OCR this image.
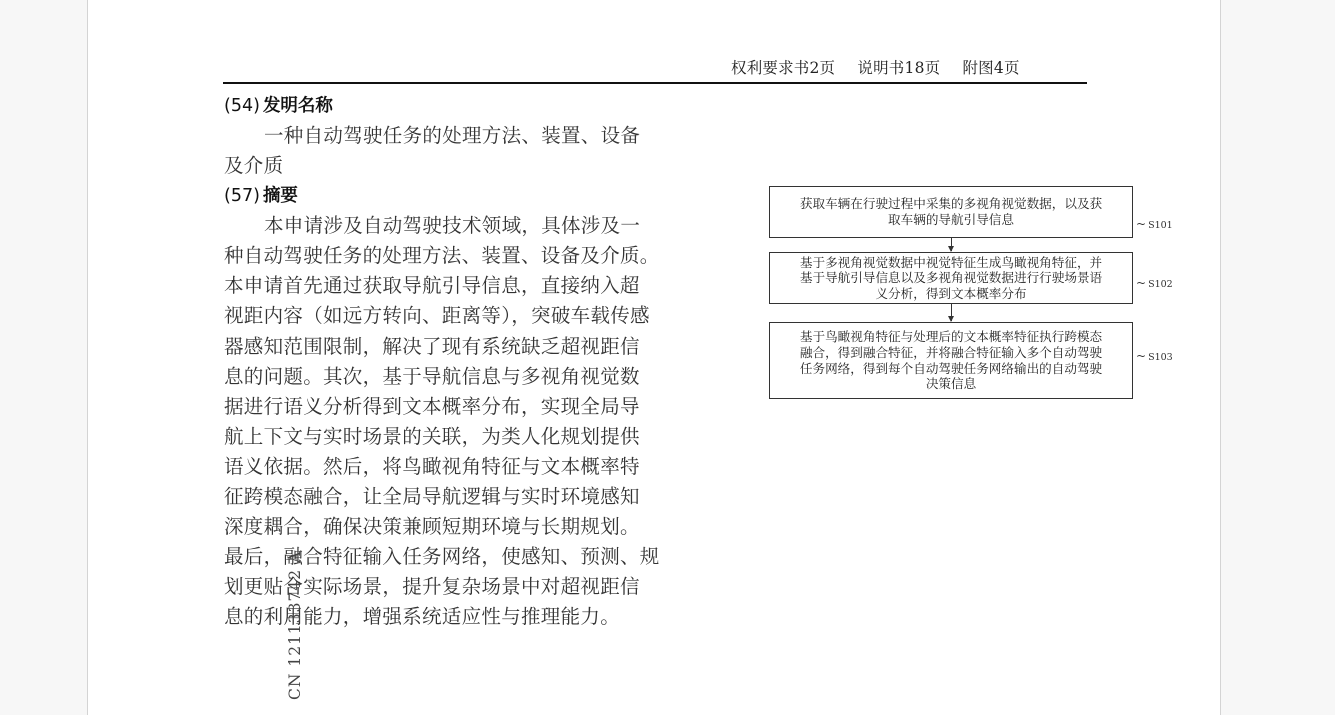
权利要求书2页 说明书18页 附图4页
(54) 发明名称

一种自动驾驶任务的处理方法、装置、设备
及介质

(57) 摘要

本申请涉及自动驾驶技术领域，具体涉及一
种自动驾驶任务的处理方法、装置、设备及介质。
本申请首先通过获取导航引导信息，直接纳入超
视距内容（如远方转向、距离等），突破车载传感
器感知范围限制，解决了现有系统缺乏超视距信
息的问题。其次，基于导航信息与多视角视觉数
据进行语义分析得到文本概率分布，实现全局导
航上下文与实时场景的关联，为类人化规划提供
语义依据。然后，将鸟瞰视角特征与文本概率特
征跨模态融合，让全局导航逻辑与实时环境感知
深度耦合，确保决策兼顾短期环境与长期规划。
最后，融合特征输入任务网络，使感知、预测、规
划更贴合实际场景，提升复杂场景中对超视距信
息的利用能力，增强系统适应性与推理能力。

CN 121133742 A
获取车辆在行驶过程中采集的多视角视觉数据，以及获
取车辆的导航引导信息	~ S101
基于多视角视觉数据中视觉特征生成鸟瞰视角特征，并
基于导航引导信息以及多视角视觉数据进行行驶场景语
义分析，得到文本概率分布
~ S102
基于鸟瞰视角特征与处理后的文本概率特征执行跨模态
融合，得到融合特征，并将融合特征输入多个自动驾驶
任务网络，得到每个自动驾驶任务网络输出的自动驾驶
决策信息
~ S103
